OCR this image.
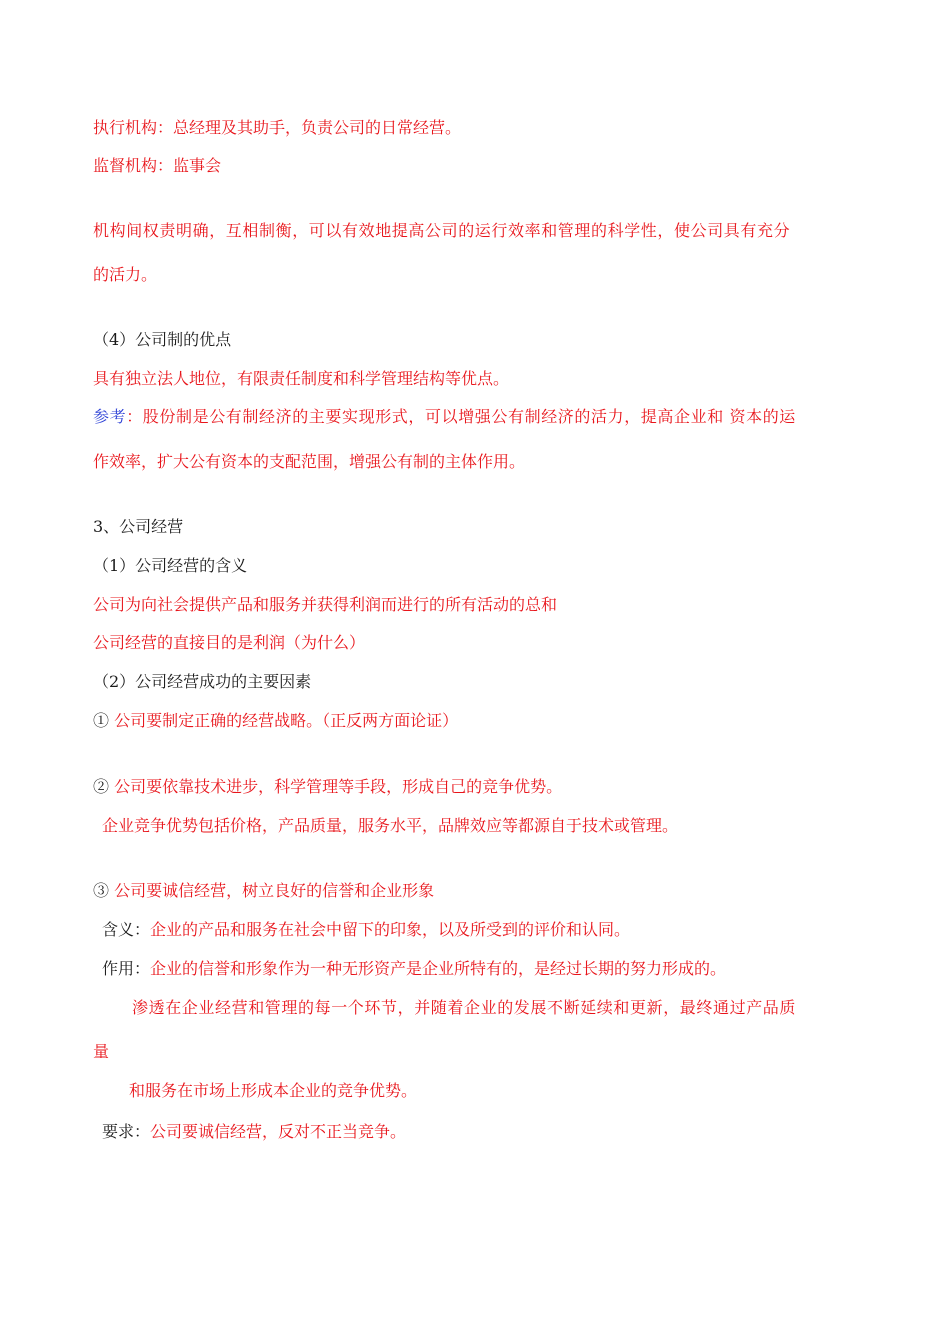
执行机构：总经理及其助手，负责公司的日常经营。
监督机构：监事会
机构间权责明确，互相制衡，可以有效地提高公司的运行效率和管理的科学性，使公司具有充分
的活力。
（4）公司制的优点
具有独立法人地位，有限责任制度和科学管理结构等优点。
参考：股份制是公有制经济的主要实现形式，可以增强公有制经济的活力，提高企业和 资本的运
作效率，扩大公有资本的支配范围，增强公有制的主体作用。
3、公司经营
（1）公司经营的含义
公司为向社会提供产品和服务并获得利润而进行的所有活动的总和
公司经营的直接目的是利润（为什么）
（2）公司经营成功的主要因素
① 公司要制定正确的经营战略。（正反两方面论证）
② 公司要依靠技术进步，科学管理等手段，形成自己的竞争优势。
企业竞争优势包括价格，产品质量，服务水平，品牌效应等都源自于技术或管理。
③ 公司要诚信经营，树立良好的信誉和企业形象
含义：企业的产品和服务在社会中留下的印象，以及所受到的评价和认同。
作用：企业的信誉和形象作为一种无形资产是企业所特有的，是经过长期的努力形成的。
渗透在企业经营和管理的每一个环节，并随着企业的发展不断延续和更新，最终通过产品质
量
和服务在市场上形成本企业的竞争优势。
要求：公司要诚信经营，反对不正当竞争。
